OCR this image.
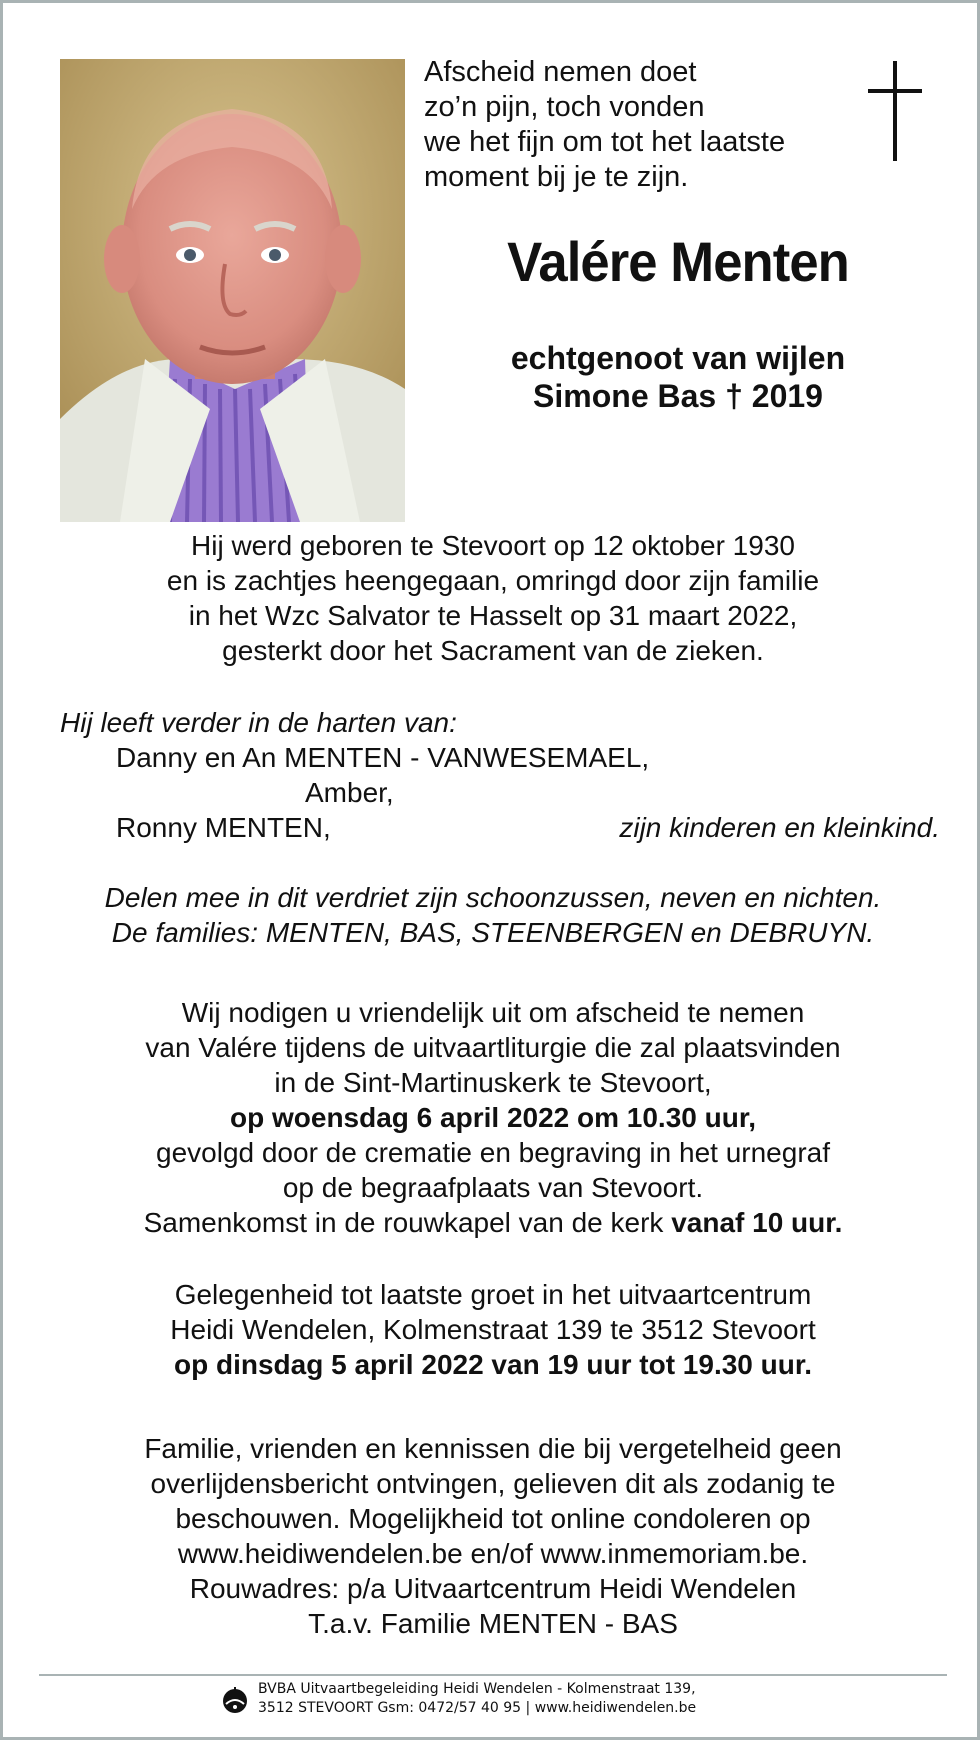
Afscheid nemen doet
zo’n pijn, toch vonden
we het fijn om tot het laatste
moment bij je te zijn.
Valére Menten
echtgenoot van wijlen
Simone Bas † 2019
Hij werd geboren te Stevoort op 12 oktober 1930
en is zachtjes heengegaan, omringd door zijn familie
in het Wzc Salvator te Hasselt op 31 maart 2022,
gesterkt door het Sacrament van de zieken.
Hij leeft verder in de harten van:
Danny en An MENTEN - VANWESEMAEL,
Amber,
Ronny MENTEN,	zijn kinderen en kleinkind.
Delen mee in dit verdriet zijn schoonzussen, neven en nichten.
De families: MENTEN, BAS, STEENBERGEN en DEBRUYN.
Wij nodigen u vriendelijk uit om afscheid te nemen
van Valére tijdens de uitvaartliturgie die zal plaatsvinden
in de Sint-Martinuskerk te Stevoort,
op woensdag 6 april 2022 om 10.30 uur,
gevolgd door de crematie en begraving in het urnegraf
op de begraafplaats van Stevoort.
Samenkomst in de rouwkapel van de kerk vanaf 10 uur.
Gelegenheid tot laatste groet in het uitvaartcentrum
Heidi Wendelen, Kolmenstraat 139 te 3512 Stevoort
op dinsdag 5 april 2022 van 19 uur tot 19.30 uur.
Familie, vrienden en kennissen die bij vergetelheid geen
overlijdensbericht ontvingen, gelieven dit als zodanig te
beschouwen. Mogelijkheid tot online condoleren op
www.heidiwendelen.be en/of www.inmemoriam.be.
Rouwadres: p/a Uitvaartcentrum Heidi Wendelen
T.a.v. Familie MENTEN - BAS
BVBA Uitvaartbegeleiding Heidi Wendelen - Kolmenstraat 139,
3512 STEVOORT Gsm: 0472/57 40 95 | www.heidiwendelen.be
